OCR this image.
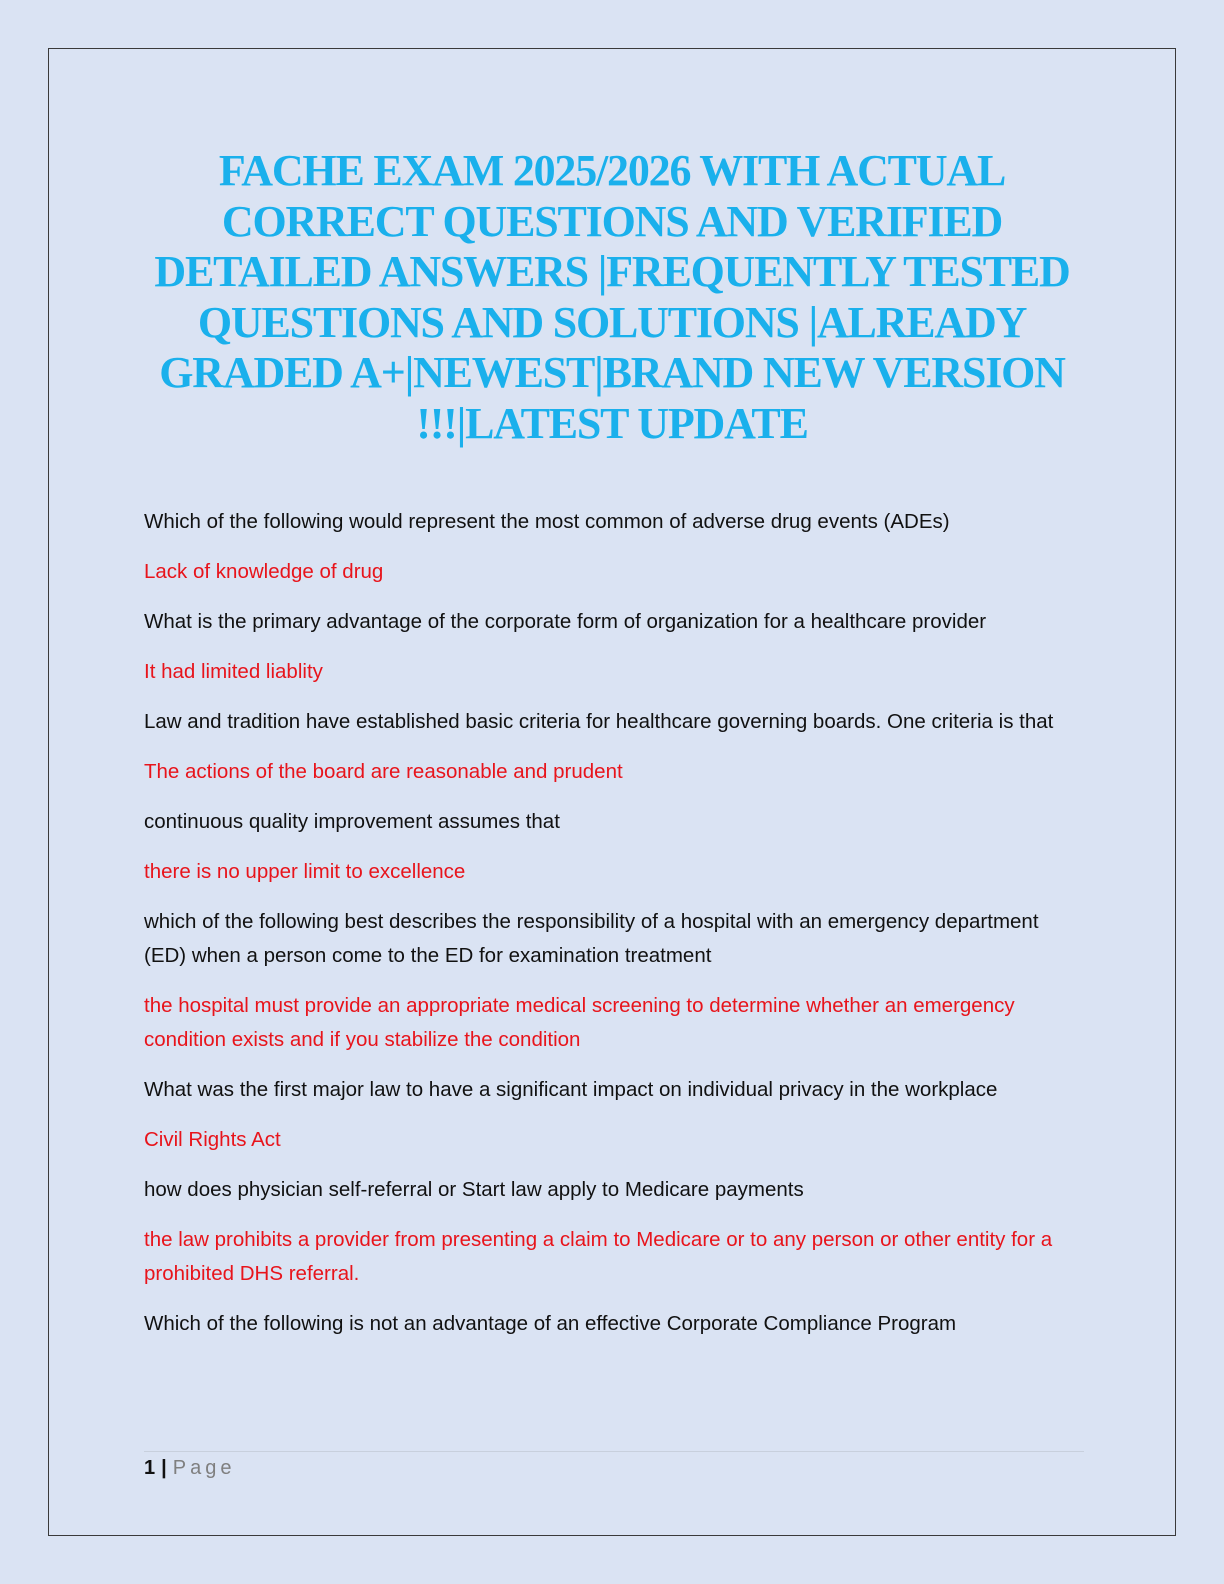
FACHE EXAM 2025/2026 WITH ACTUAL CORRECT QUESTIONS AND VERIFIED DETAILED ANSWERS |FREQUENTLY TESTED QUESTIONS AND SOLUTIONS |ALREADY GRADED A+|NEWEST|BRAND NEW VERSION !!!|LATEST UPDATE

Which of the following would represent the most common of adverse drug events (ADEs)

Lack of knowledge of drug

What is the primary advantage of the corporate form of organization for a healthcare provider

It had limited liablity

Law and tradition have established basic criteria for healthcare governing boards. One criteria is that

The actions of the board are reasonable and prudent

continuous quality improvement assumes that

there is no upper limit to excellence

which of the following best describes the responsibility of a hospital with an emergency department (ED) when a person come to the ED for examination treatment

the hospital must provide an appropriate medical screening to determine whether an emergency condition exists and if you stabilize the condition

What was the first major law to have a significant impact on individual privacy in the workplace

Civil Rights Act

how does physician self-referral or Start law apply to Medicare payments

the law prohibits a provider from presenting a claim to Medicare or to any person or other entity for a prohibited DHS referral.

Which of the following is not an advantage of an effective Corporate Compliance Program

1 | Page
